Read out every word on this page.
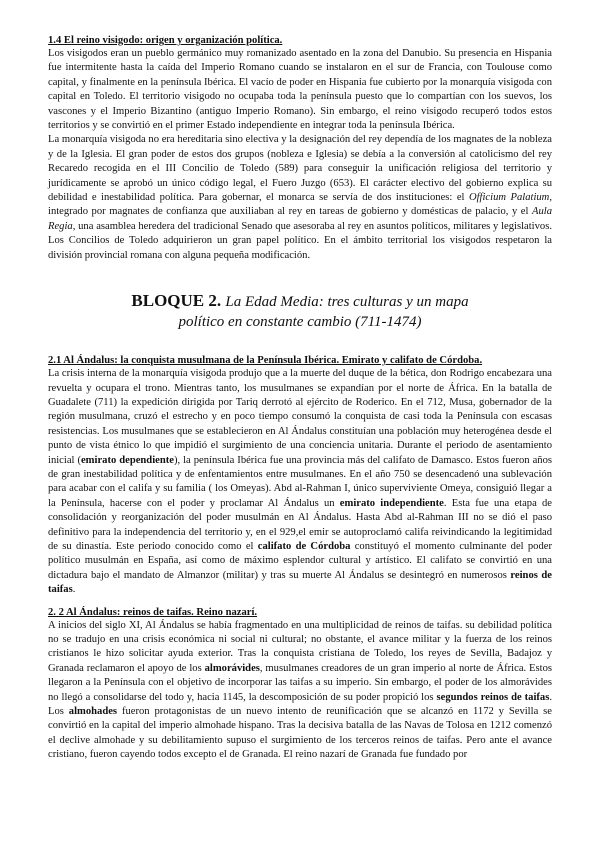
1.4 El reino visigodo: origen y organización política.

Los visigodos eran un pueblo germánico muy romanizado asentado en la zona del Danubio. Su presencia en Hispania fue intermitente hasta la caída del Imperio Romano cuando se instalaron en el sur de Francia, con Toulouse como capital, y finalmente en la península Ibérica. El vacío de poder en Hispania fue cubierto por la monarquía visigoda con capital en Toledo. El territorio visigodo no ocupaba toda la península puesto que lo compartían con los suevos, los vascones y el Imperio Bizantino (antiguo Imperio Romano). Sin embargo, el reino visigodo recuperó todos estos territorios y se convirtió en el primer Estado independiente en integrar toda la península Ibérica.

La monarquía visigoda no era hereditaria sino electiva y la designación del rey dependía de los magnates de la nobleza y de la Iglesia. El gran poder de estos dos grupos (nobleza e Iglesia) se debía a la conversión al catolicismo del rey Recaredo recogida en el III Concilio de Toledo (589) para conseguir la unificación religiosa del territorio y jurídicamente se aprobó un único código legal, el Fuero Juzgo (653). El carácter electivo del gobierno explica su debilidad e inestabilidad política. Para gobernar, el monarca se servía de dos instituciones: el Officium Palatium, integrado por magnates de confianza que auxiliaban al rey en tareas de gobierno y domésticas de palacio, y el Aula Regia, una asamblea heredera del tradicional Senado que asesoraba al rey en asuntos políticos, militares y legislativos. Los Concilios de Toledo adquirieron un gran papel político. En el ámbito territorial los visigodos respetaron la división provincial romana con alguna pequeña modificación.

BLOQUE 2. La Edad Media: tres culturas y un mapa
político en constante cambio (711-1474)
2.1 Al Ándalus: la conquista musulmana de la Península Ibérica. Emirato y califato de Córdoba.

La crisis interna de la monarquía visigoda produjo que a la muerte del duque de la bética, don Rodrigo encabezara una revuelta y ocupara el trono. Mientras tanto, los musulmanes se expandían por el norte de África. En la batalla de Guadalete (711) la expedición dirigida por Tariq derrotó al ejército de Roderico. En el 712, Musa, gobernador de la región musulmana, cruzó el estrecho y en poco tiempo consumó la conquista de casi toda la Península con escasas resistencias. Los musulmanes que se establecieron en Al Ándalus constituían una población muy heterogénea desde el punto de vista étnico lo que impidió el surgimiento de una conciencia unitaria. Durante el periodo de asentamiento inicial (emirato dependiente), la península Ibérica fue una provincia más del califato de Damasco. Estos fueron años de gran inestabilidad política y de enfentamientos entre musulmanes. En el año 750 se desencadenó una sublevación para acabar con el califa y su familia ( los Omeyas). Abd al-Rahman I, único superviviente Omeya, consiguió llegar a la Península, hacerse con el poder y proclamar Al Ándalus un emirato independiente. Esta fue una etapa de consolidación y reorganización del poder musulmán en Al Ándalus. Hasta Abd al-Rahman III no se dió el paso definitivo para la independencia del territorio y, en el 929,el emir se autoproclamó califa reivindicando la legitimidad de su dinastía. Este periodo conocido como el califato de Córdoba constituyó el momento culminante del poder político musulmán en España, así como de máximo esplendor cultural y artístico. El califato se convirtió en una dictadura bajo el mandato de Almanzor (militar) y tras su muerte Al Ándalus se desintegró en numerosos reinos de taifas.

2. 2 Al Ándalus: reinos de taifas. Reino nazarí.

A inicios del siglo XI, Al Ándalus se había fragmentado en una multiplicidad de reinos de taifas. su debilidad política no se tradujo en una crisis económica ni social ni cultural; no obstante, el avance militar y la fuerza de los reinos cristianos le hizo solicitar ayuda exterior. Tras la conquista cristiana de Toledo, los reyes de Sevilla, Badajoz y Granada reclamaron el apoyo de los almorávides, musulmanes creadores de un gran imperio al norte de África. Estos llegaron a la Península con el objetivo de incorporar las taifas a su imperio. Sin embargo, el poder de los almorávides no llegó a consolidarse del todo y, hacia 1145, la descomposición de su poder propició los segundos reinos de taifas. Los almohades fueron protagonistas de un nuevo intento de reunificación que se alcanzó en 1172 y Sevilla se convirtió en la capital del imperio almohade hispano. Tras la decisiva batalla de las Navas de Tolosa en 1212 comenzó el declive almohade y su debilitamiento supuso el surgimiento de los terceros reinos de taifas. Pero ante el avance cristiano, fueron cayendo todos excepto el de Granada. El reino nazarí de Granada fue fundado por
